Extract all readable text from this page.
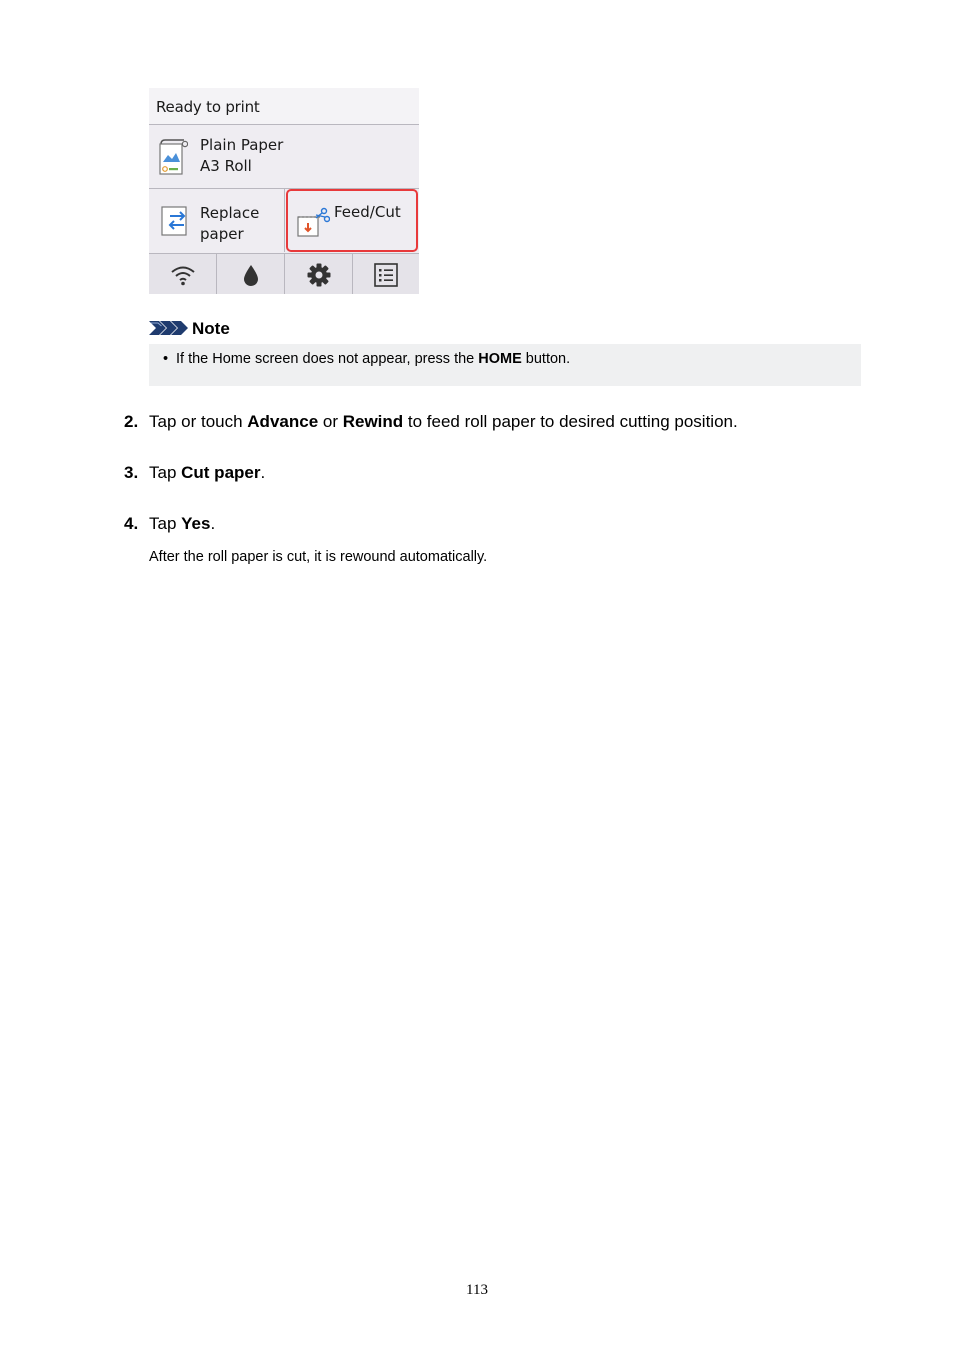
Ready to print
Plain Paper
A3 Roll
Replace
paper
Feed/Cut
Note
• If the Home screen does not appear, press the HOME button.
2. Tap or touch Advance or Rewind to feed roll paper to desired cutting position.
3. Tap Cut paper.
4. Tap Yes.
After the roll paper is cut, it is rewound automatically.
113
